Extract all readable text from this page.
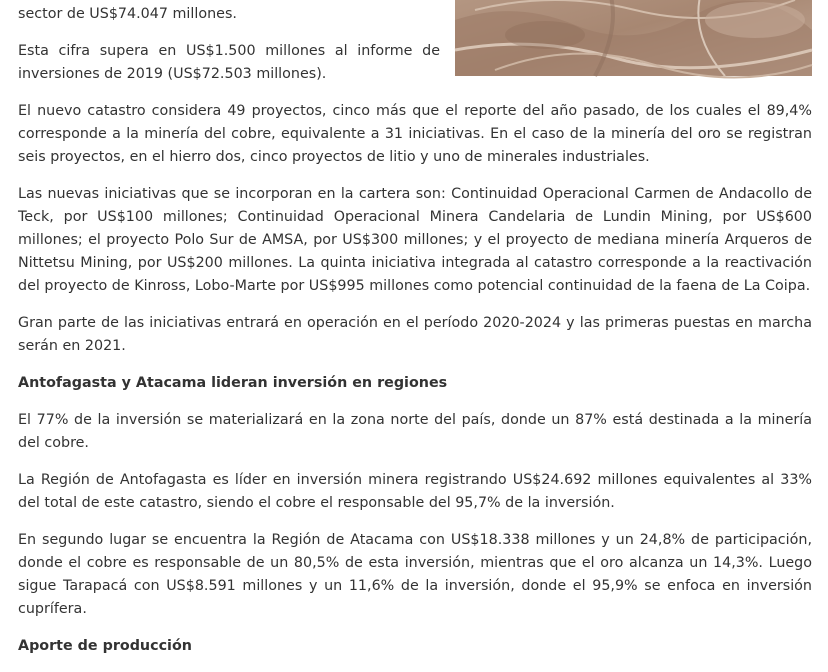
sector de US$74.047 millones.

Esta cifra supera en US$1.500 millones al informe de inversiones de 2019 (US$72.503 millones).

El nuevo catastro considera 49 proyectos, cinco más que el reporte del año pasado, de los cuales el 89,4% corresponde a la minería del cobre, equivalente a 31 iniciativas. En el caso de la minería del oro se registran seis proyectos, en el hierro dos, cinco proyectos de litio y uno de minerales industriales.

Las nuevas iniciativas que se incorporan en la cartera son: Continuidad Operacional Carmen de Andacollo de Teck, por US$100 millones; Continuidad Operacional Minera Candelaria de Lundin Mining, por US$600 millones; el proyecto Polo Sur de AMSA, por US$300 millones; y el proyecto de mediana minería Arqueros de Nittetsu Mining, por US$200 millones. La quinta iniciativa integrada al catastro corresponde a la reactivación del proyecto de Kinross, Lobo-Marte por US$995 millones como potencial continuidad de la faena de La Coipa.

Gran parte de las iniciativas entrará en operación en el período 2020-2024 y las primeras puestas en marcha serán en 2021.

Antofagasta y Atacama lideran inversión en regiones

El 77% de la inversión se materializará en la zona norte del país, donde un 87% está destinada a la minería del cobre.

La Región de Antofagasta es líder en inversión minera registrando US$24.692 millones equivalentes al 33% del total de este catastro, siendo el cobre el responsable del 95,7% de la inversión.

En segundo lugar se encuentra la Región de Atacama con US$18.338 millones y un 24,8% de participación, donde el cobre es responsable de un 80,5% de esta inversión, mientras que el oro alcanza un 14,3%. Luego sigue Tarapacá con US$8.591 millones y un 11,6% de la inversión, donde el 95,9% se enfoca en inversión cuprífera.

Aporte de producción
